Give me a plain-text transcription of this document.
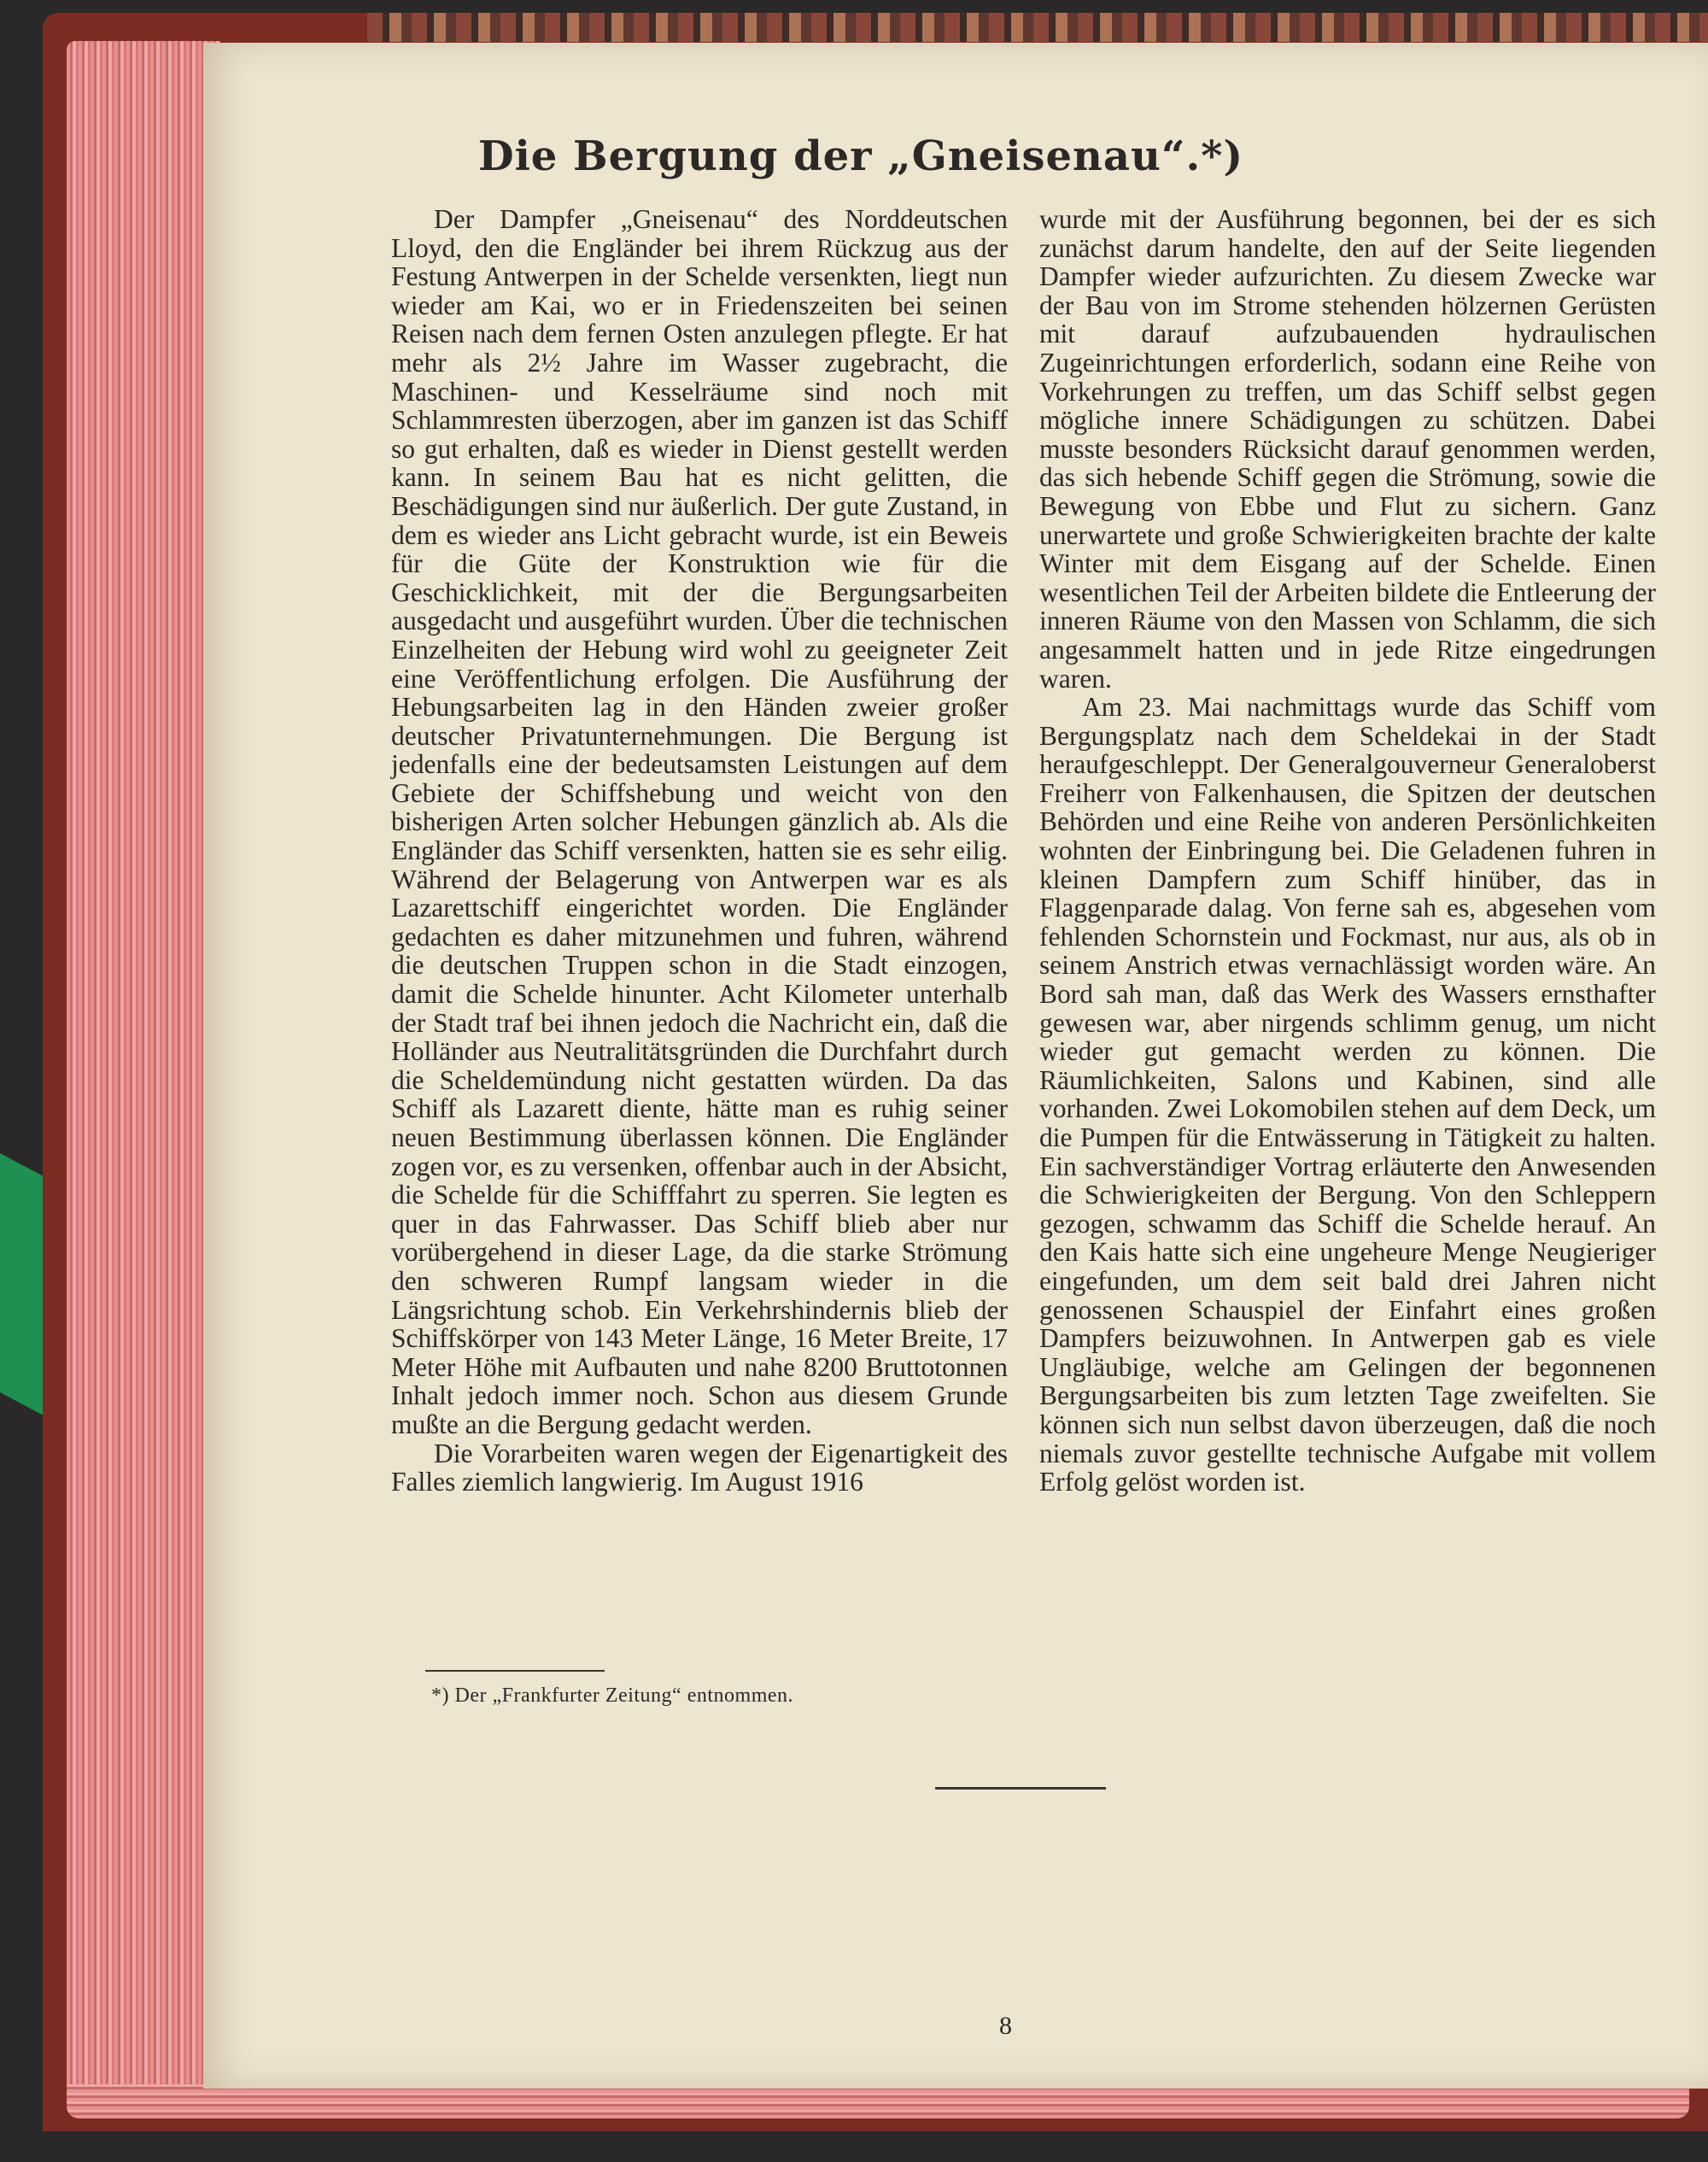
Die Bergung der „Gneisenau“.*)

Der Dampfer „Gneisenau“ des Norddeutschen Lloyd, den die Engländer bei ihrem Rückzug aus der Festung Antwerpen in der Schelde versenkten, liegt nun wieder am Kai, wo er in Friedenszeiten bei seinen Reisen nach dem fernen Osten anzulegen pflegte. Er hat mehr als 2½ Jahre im Wasser zugebracht, die Maschinen- und Kesselräume sind noch mit Schlammresten überzogen, aber im ganzen ist das Schiff so gut erhalten, daß es wieder in Dienst gestellt werden kann. In seinem Bau hat es nicht gelitten, die Beschädigungen sind nur äußerlich. Der gute Zustand, in dem es wieder ans Licht gebracht wurde, ist ein Beweis für die Güte der Konstruktion wie für die Geschicklichkeit, mit der die Bergungsarbeiten ausgedacht und ausgeführt wurden. Über die technischen Einzelheiten der Hebung wird wohl zu geeigneter Zeit eine Veröffentlichung erfolgen. Die Ausführung der Hebungsarbeiten lag in den Händen zweier großer deutscher Privatunternehmungen. Die Bergung ist jedenfalls eine der bedeutsamsten Leistungen auf dem Gebiete der Schiffshebung und weicht von den bisherigen Arten solcher Hebungen gänzlich ab. Als die Engländer das Schiff versenkten, hatten sie es sehr eilig. Während der Belagerung von Antwerpen war es als Lazarettschiff eingerichtet worden. Die Engländer gedachten es daher mitzunehmen und fuhren, während die deutschen Truppen schon in die Stadt einzogen, damit die Schelde hinunter. Acht Kilometer unterhalb der Stadt traf bei ihnen jedoch die Nachricht ein, daß die Holländer aus Neutralitätsgründen die Durchfahrt durch die Scheldemündung nicht gestatten würden. Da das Schiff als Lazarett diente, hätte man es ruhig seiner neuen Bestimmung überlassen können. Die Engländer zogen vor, es zu versenken, offenbar auch in der Absicht, die Schelde für die Schifffahrt zu sperren. Sie legten es quer in das Fahrwasser. Das Schiff blieb aber nur vorübergehend in dieser Lage, da die starke Strömung den schweren Rumpf langsam wieder in die Längsrichtung schob. Ein Verkehrshindernis blieb der Schiffskörper von 143 Meter Länge, 16 Meter Breite, 17 Meter Höhe mit Aufbauten und nahe 8200 Bruttotonnen Inhalt jedoch immer noch. Schon aus diesem Grunde mußte an die Bergung gedacht werden.

Die Vorarbeiten waren wegen der Eigenartigkeit des Falles ziemlich langwierig. Im August 1916

wurde mit der Ausführung begonnen, bei der es sich zunächst darum handelte, den auf der Seite liegenden Dampfer wieder aufzurichten. Zu diesem Zwecke war der Bau von im Strome stehenden hölzernen Gerüsten mit darauf aufzubauenden hydraulischen Zugeinrichtungen erforderlich, sodann eine Reihe von Vorkehrungen zu treffen, um das Schiff selbst gegen mögliche innere Schädigungen zu schützen. Dabei musste besonders Rücksicht darauf genommen werden, das sich hebende Schiff gegen die Strömung, sowie die Bewegung von Ebbe und Flut zu sichern. Ganz unerwartete und große Schwierigkeiten brachte der kalte Winter mit dem Eisgang auf der Schelde. Einen wesentlichen Teil der Arbeiten bildete die Entleerung der inneren Räume von den Massen von Schlamm, die sich angesammelt hatten und in jede Ritze eingedrungen waren.

Am 23. Mai nachmittags wurde das Schiff vom Bergungsplatz nach dem Scheldekai in der Stadt heraufgeschleppt. Der Generalgouverneur Generaloberst Freiherr von Falkenhausen, die Spitzen der deutschen Behörden und eine Reihe von anderen Persönlichkeiten wohnten der Einbringung bei. Die Geladenen fuhren in kleinen Dampfern zum Schiff hinüber, das in Flaggenparade dalag. Von ferne sah es, abgesehen vom fehlenden Schornstein und Fockmast, nur aus, als ob in seinem Anstrich etwas vernachlässigt worden wäre. An Bord sah man, daß das Werk des Wassers ernsthafter gewesen war, aber nirgends schlimm genug, um nicht wieder gut gemacht werden zu können. Die Räumlichkeiten, Salons und Kabinen, sind alle vorhanden. Zwei Lokomobilen stehen auf dem Deck, um die Pumpen für die Entwässerung in Tätigkeit zu halten. Ein sachverständiger Vortrag erläuterte den Anwesenden die Schwierigkeiten der Bergung. Von den Schleppern gezogen, schwamm das Schiff die Schelde herauf. An den Kais hatte sich eine ungeheure Menge Neugieriger eingefunden, um dem seit bald drei Jahren nicht genossenen Schauspiel der Einfahrt eines großen Dampfers beizuwohnen. In Antwerpen gab es viele Ungläubige, welche am Gelingen der begonnenen Bergungsarbeiten bis zum letzten Tage zweifelten. Sie können sich nun selbst davon überzeugen, daß die noch niemals zuvor gestellte technische Aufgabe mit vollem Erfolg gelöst worden ist.

*) Der „Frankfurter Zeitung“ entnommen.

8
